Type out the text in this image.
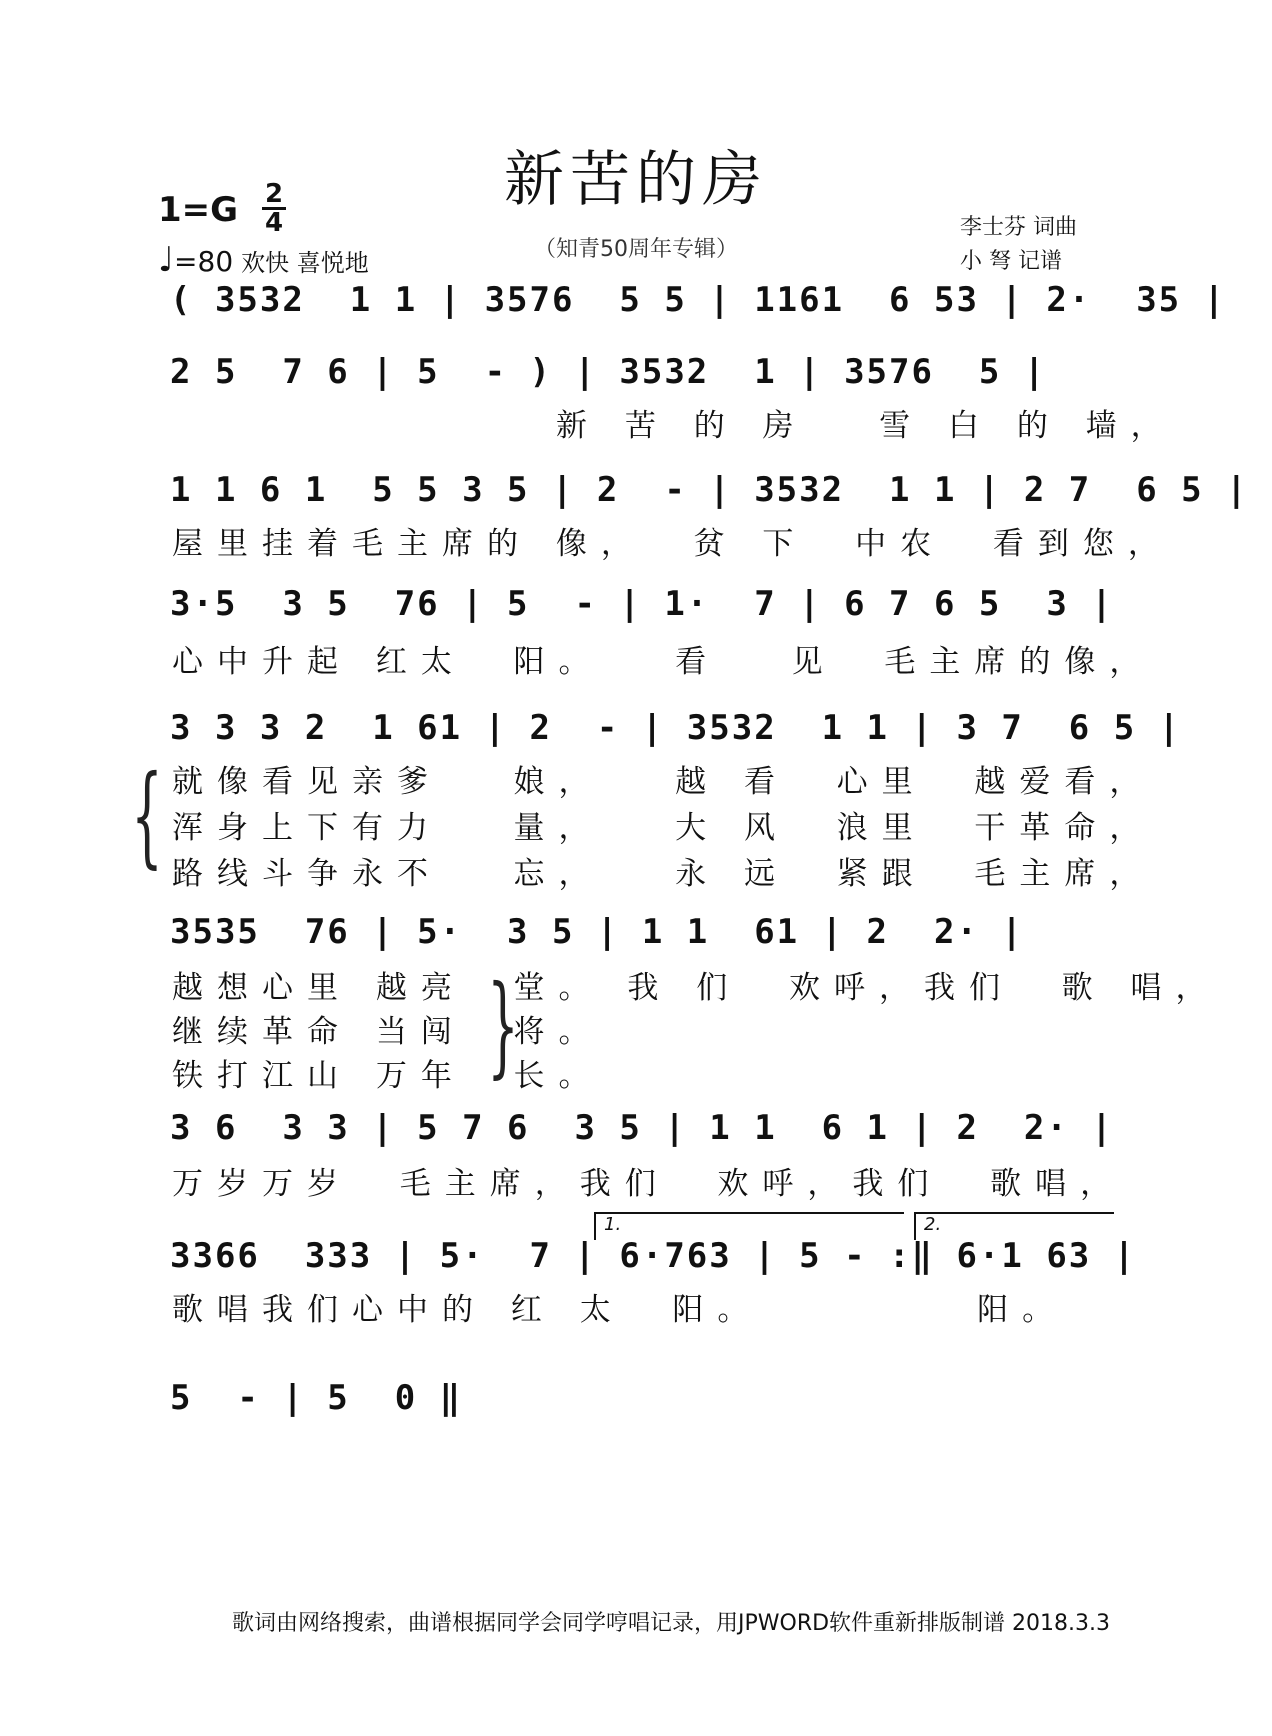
新苦的房
（知青50周年专辑）
1=G 2
4
♩=80 欢快 喜悦地
李士芬 词曲
小 弩 记谱
( 3532  1 1 | 3576  5 5 | 1161  6 53 | 2·  35 |
2 5  7 6 | 5  - ) | 3532  1 | 3576  5 |
新 苦 的 房   雪 白 的 墙，
1 1 6 1  5 5 3 5 | 2  - | 3532  1 1 | 2 7  6 5 |
屋里挂着毛主席的 像，  贫 下  中农  看到您，
3·5  3 5  76 | 5  - | 1·  7 | 6 7 6 5  3 |
心中升起 红太  阳。   看   见  毛主席的像，
3 3 3 2  1 61 | 2  - | 3532  1 1 | 3 7  6 5 |
{ 就像看见亲爹   娘，   越 看  心里  越爱看，
浑身上下有力   量，   大 风  浪里  干革命，
路线斗争永不   忘，   永 远  紧跟  毛主席，
3535  76 | 5·  3 5 | 1 1  61 | 2  2· |
越想心里 越亮  堂。 我 们  欢呼，我们  歌 唱，
继续革命 当闯  将。
铁打江山 万年  长。
{
3 6  3 3 | 5 7 6  3 5 | 1 1  6 1 | 2  2· |
万岁万岁  毛主席，我们  欢呼，我们  歌唱，
1.	2.
3366  333 | 5·  7 | 6·763 | 5 - :‖ 6·1 63 |
歌唱我们心中的 红 太  阳。         阳。
5  - | 5  0 ‖
歌词由网络搜索，曲谱根据同学会同学哼唱记录，用JPWORD软件重新排版制谱 2018.3.3
